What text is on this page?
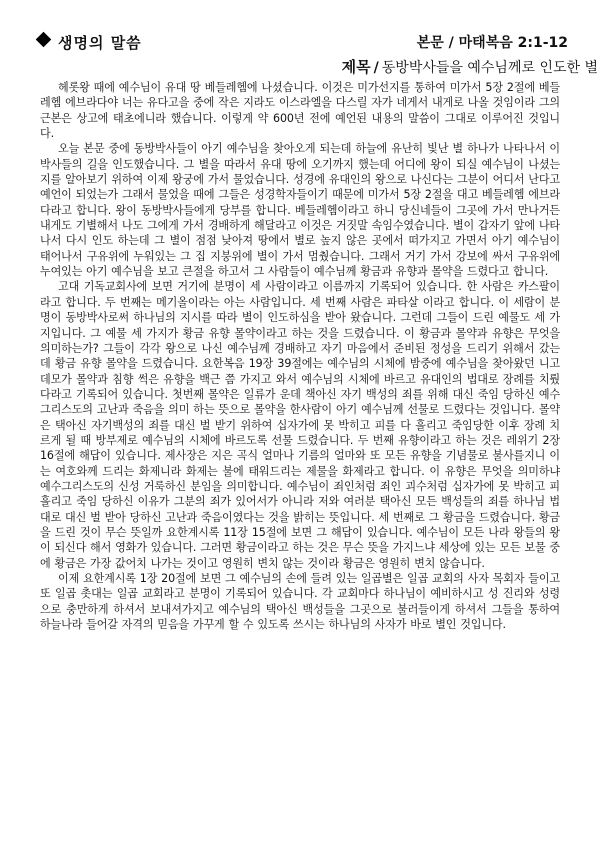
생명의 말씀	본문 / 마태복음 2:1-12
제목 / 동방박사들을 예수님께로 인도한 별

헤롯왕 때에 예수님이 유대 땅 베들레헴에 나셨습니다. 이것은 미가선지를 통하여 미가서 5장 2절에 베들레헴 에브라다야 너는 유다고을 중에 작은 지라도 이스라엘을 다스릴 자가 네게서 내게로 나올 것임이라 그의 근본은 상고에 태초에니라 했습니다. 이렇게 약 600년 전에 예언된 내용의 말씀이 그대로 이루어진 것입니다.

오늘 본문 중에 동방박사들이 아기 예수님을 찾아오게 되는데 하늘에 유난히 빛난 별 하나가 나타나서 이 박사들의 길을 인도했습니다. 그 별을 따라서 유대 땅에 오기까지 했는데 어디에 왕이 되실 예수님이 나셨는지를 알아보기 위하여 이제 왕궁에 가서 물었습니다. 성경에 유대인의 왕으로 나신다는 그분이 어디서 난다고 예언이 되었는가 그래서 물었을 때에 그들은 성경학자들이기 때문에 미가서 5장 2절을 대고 베들레헴 에브라다라고 합니다. 왕이 동방박사들에게 당부를 합니다. 베들레헴이라고 하니 당신네들이 그곳에 가서 만나거든 내게도 기별해서 나도 그에게 가서 경배하게 해달라고 이것은 거짓말 속임수였습니다. 별이 갑자기 앞에 나타나서 다시 인도 하는데 그 별이 점점 낮아져 땅에서 별로 높지 않은 곳에서 떠가지고 가면서 아기 예수님이 태어나서 구유위에 누워있는 그 집 지붕위에 별이 가서 멈췄습니다. 그래서 거기 가서 강보에 싸서 구유위에 누여있는 아기 예수님을 보고 큰절을 하고서 그 사람들이 예수님께 황금과 유향과 몰약을 드렸다고 합니다.

고대 기독교회사에 보면 거기에 분명이 세 사람이라고 이름까지 기록되어 있습니다. 한 사람은 카스팔이라고 합니다. 두 번째는 메기올이라는 아는 사람입니다. 세 번째 사람은 파타살 이라고 합니다. 이 세람이 분명이 동방박사로써 하나님의 지시를 따라 별이 인도하심을 받아 왔습니다. 그런데 그들이 드린 예물도 세 가지입니다. 그 예물 세 가지가 황금 유향 몰약이라고 하는 것을 드렸습니다. 이 황금과 몰약과 유향은 무엇을 의미하는가? 그들이 각각 왕으로 나신 예수님께 경배하고 자기 마음에서 준비된 정성을 드리기 위해서 갔는데 황금 유향 몰약을 드렸습니다. 요한복음 19장 39절에는 예수님의 시체에 밤중에 예수님을 찾아왔던 니고데모가 몰약과 침향 썩은 유향을 백근 쯤 가지고 와서 예수님의 시체에 바르고 유대인의 법대로 장례를 치뤘다라고 기록되어 있습니다. 첫번째 몰약은 일류가 운데 책아신 자기 백성의 죄를 위해 대신 죽임 당하신 예수그리스도의 고난과 죽음을 의미 하는 뜻으로 몰약을 한사람이 아기 예수님께 선물로 드렸다는 것입니다. 몰약은 택아신 자기백성의 죄를 대신 벌 받기 위하여 십자가에 못 박히고 피를 다 흘리고 죽임당한 이후 장례 치르게 될 때 방부제로 예수님의 시체에 바르도록 선물 드렸습니다. 두 번째 유향이라고 하는 것은 레위기 2장 16절에 해답이 있습니다. 제사장은 지은 곡식 얼마나 기름의 얼마와 또 모든 유향을 기념물로 불사를지니 이는 여호와께 드리는 화제니라 화제는 불에 태워드리는 제물을 화제라고 합니다. 이 유향은 무엇을 의미하냐 예수그리스도의 신성 거룩하신 분임을 의미합니다. 예수님이 죄인처럼 죄인 괴수처럼 십자가에 못 박히고 피 흘리고 죽임 당하신 이유가 그분의 죄가 있어서가 아니라 저와 여러분 택아신 모든 백성들의 죄를 하나님 법대로 대신 벌 받아 당하신 고난과 죽음이였다는 것을 밝히는 뜻입니다. 세 번째로 그 황금을 드렸습니다. 황금을 드린 것이 무슨 뜻일까 요한계시록 11장 15절에 보면 그 해답이 있습니다. 예수님이 모든 나라 왕들의 왕이 되신다 해서 영화가 있습니다. 그러면 황금이라고 하는 것은 무슨 뜻을 가지느냐 세상에 있는 모든 보물 중에 황금은 가장 값어치 나가는 것이고 영원히 변치 않는 것이라 황금은 영원히 변치 않습니다.

이제 요한계시록 1장 20절에 보면 그 예수님의 손에 들려 있는 일곱별은 일곱 교회의 사자 목회자 들이고 또 일곱 촛대는 일곱 교회라고 분명이 기록되어 있습니다. 각 교회마다 하나님이 예비하시고 성 진리와 성령으로 충만하게 하셔서 보내셔가지고 예수님의 택아신 백성들을 그곳으로 불러들이게 하셔서 그들을 통하여 하늘나라 들어갈 자격의 믿음을 가꾸게 할 수 있도록 쓰시는 하나님의 사자가 바로 별인 것입니다.
